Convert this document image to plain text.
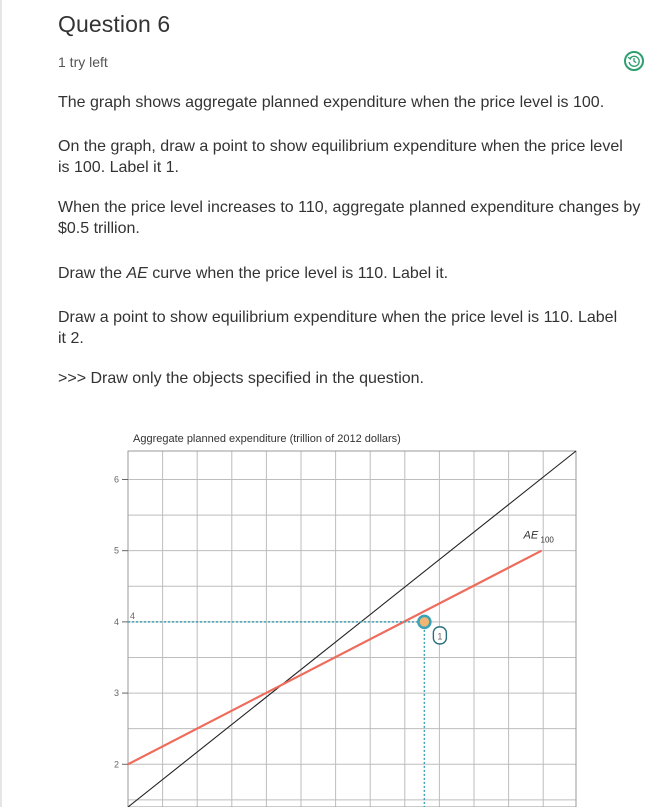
Question 6
1 try left
The graph shows aggregate planned expenditure when the price level is 100.
On the graph, draw a point to show equilibrium expenditure when the price level is 100. Label it 1.
When the price level increases to 110, aggregate planned expenditure changes by $0.5 trillion.
Draw the AE curve when the price level is 110. Label it.
Draw a point to show equilibrium expenditure when the price level is 110. Label it 2.
>>> Draw only the objects specified in the question.
Aggregate planned expenditure (trillion of 2012 dollars)
6
5
4
3
2
AE 100
4
1
